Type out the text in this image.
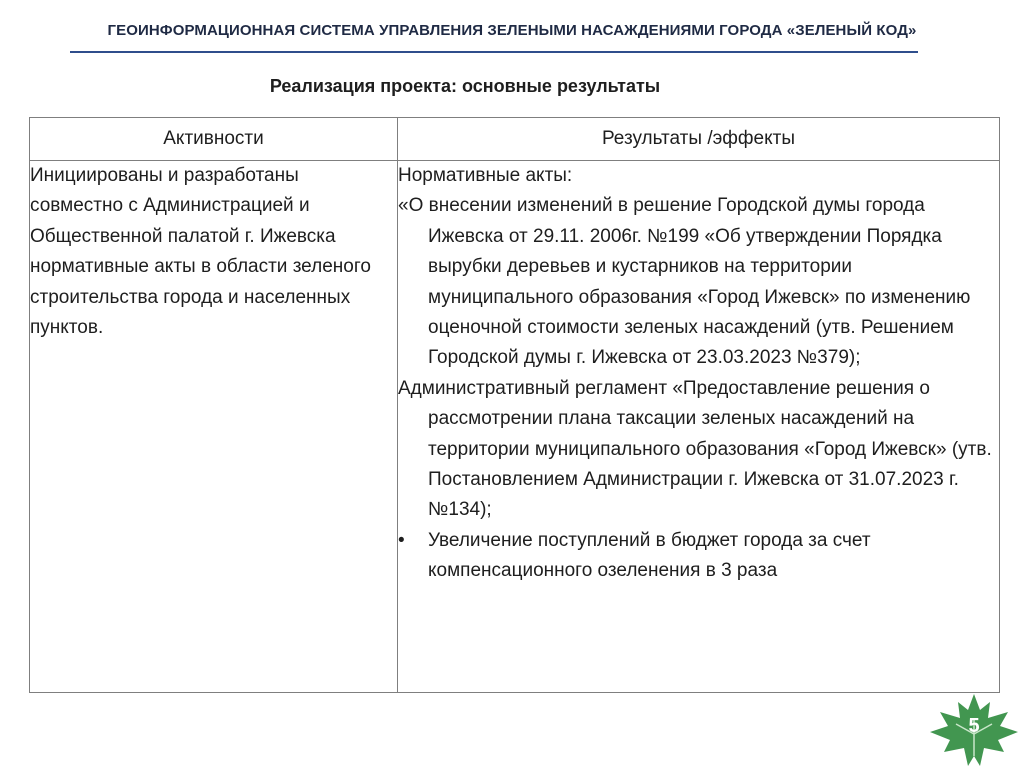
ГЕОИНФОРМАЦИОННАЯ СИСТЕМА УПРАВЛЕНИЯ ЗЕЛЕНЫМИ НАСАЖДЕНИЯМИ ГОРОДА «ЗЕЛЕНЫЙ КОД»
Реализация проекта: основные результаты
Активности	Результаты /эффекты

Инициированы и разработаны совместно с Администрацией и Общественной палатой г. Ижевска нормативные акты в области зеленого строительства города и населенных пунктов.	Нормативные акты:
«О внесении изменений в решение Городской думы города Ижевска от 29.11. 2006г. №199 «Об утверждении Порядка вырубки деревьев и кустарников на территории муниципального образования «Город Ижевск» по изменению оценочной стоимости зеленых насаждений (утв. Решением Городской думы г. Ижевска от 23.03.2023 №379);
Административный регламент «Предоставление решения о рассмотрении плана таксации зеленых насаждений на территории муниципального образования «Город Ижевск» (утв. Постановлением Администрации г. Ижевска от 31.07.2023 г. №134);
• Увеличение поступлений в бюджет города за счет компенсационного озеленения в 3 раза
5
